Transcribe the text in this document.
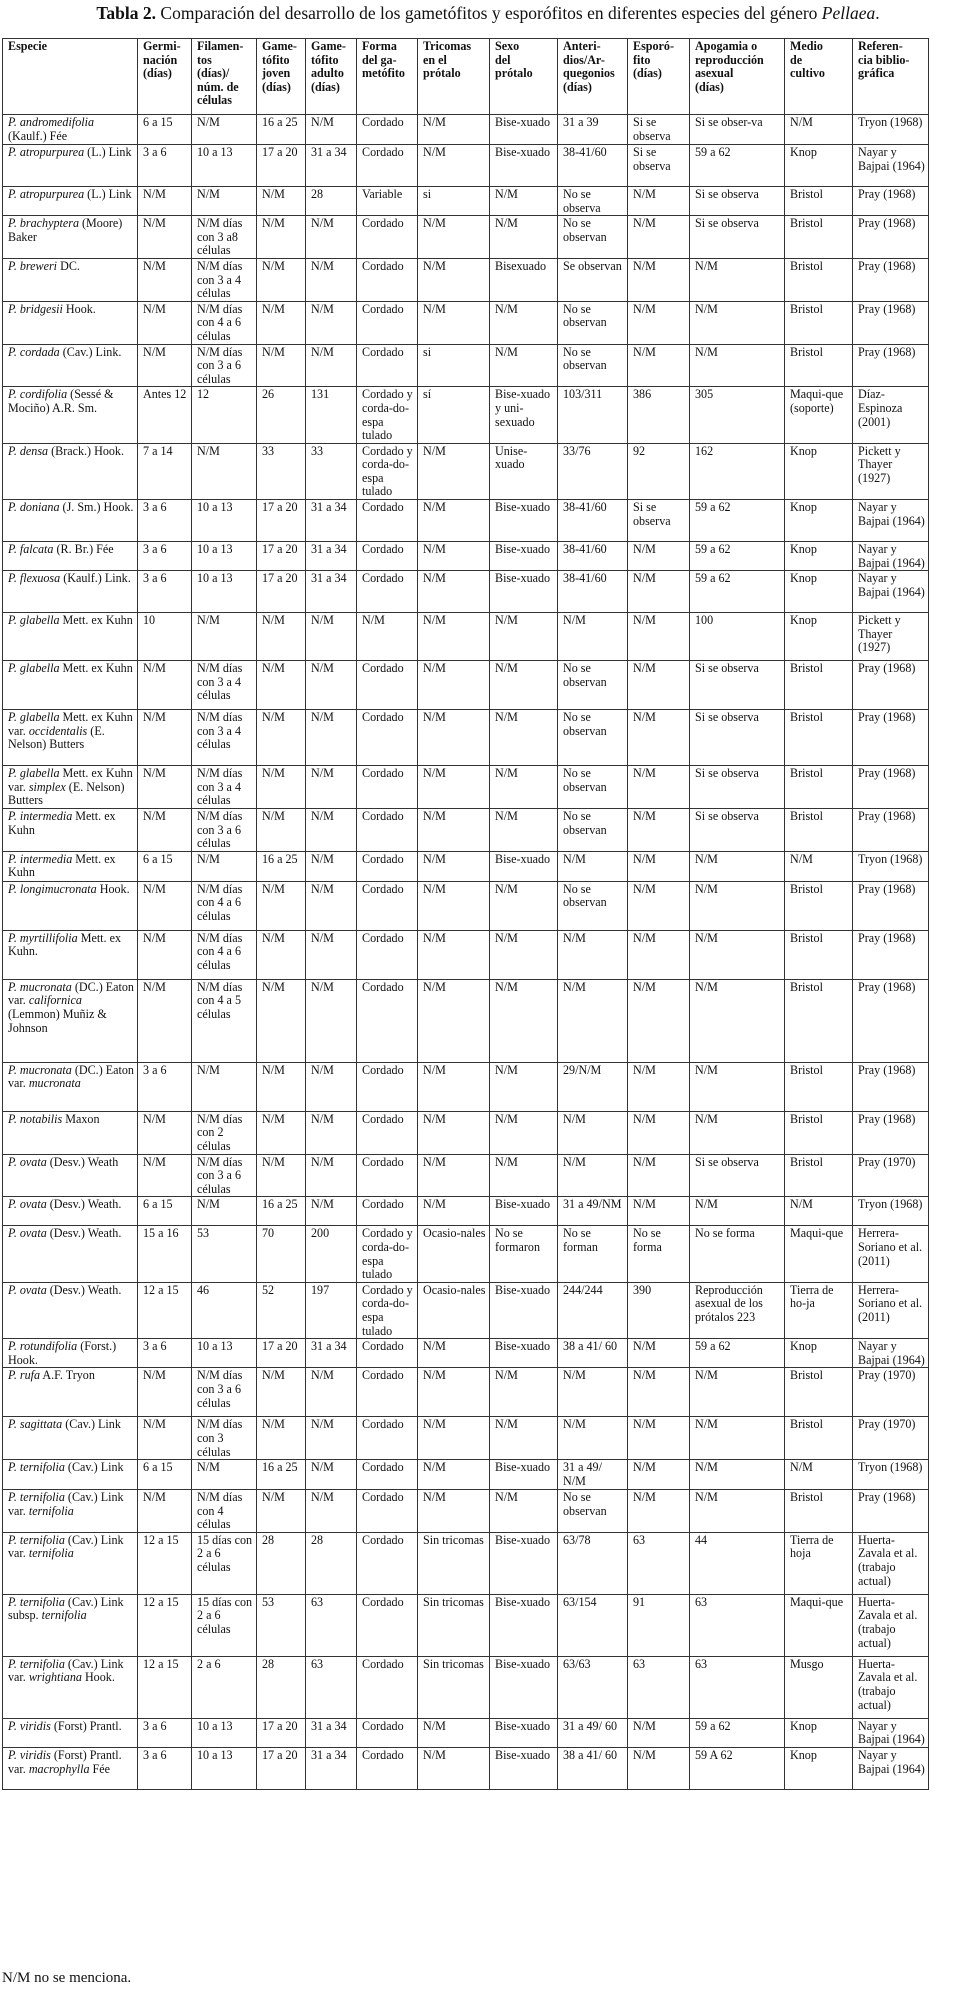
Tabla 2. Comparación del desarrollo de los gametófitos y esporófitos en diferentes especies del género Pellaea.
Especie	Germi-
nación
(días)	Filamen-
tos
(días)/
núm. de
células	Game-
tófito
joven
(días)	Game-
tófito
adulto
(días)	Forma
del ga-
metófito	Tricomas
en el
prótalo	Sexo
del
prótalo	Anteri-
dios/Ar-
quegonios
(días)	Esporó-
fito
(días)	Apogamia o
reproducción
asexual
(días)	Medio
de
cultivo	Referen-
cia biblio-
gráfica
P. andromedifolia (Kaulf.) Fée	6 a 15	N/M	16 a 25	N/M	Cordado	N/M	Bise-xuado	31 a 39	Si se observa	Si se obser-va	N/M	Tryon (1968)
P. atropurpurea (L.) Link	3 a 6	10 a 13	17 a 20	31 a 34	Cordado	N/M	Bise-xuado	38-41/60	Si se observa	59 a 62	Knop	Nayar y Bajpai (1964)
P. atropurpurea (L.) Link	N/M	N/M	N/M	28	Variable	si	N/M	No se observa	N/M	Si se observa	Bristol	Pray (1968)
P. brachyptera (Moore) Baker	N/M	N/M días con 3 a8 células	N/M	N/M	Cordado	N/M	N/M	No se observan	N/M	Si se observa	Bristol	Pray (1968)
P. breweri DC.	N/M	N/M días con 3 a 4 células	N/M	N/M	Cordado	N/M	Bisexuado	Se observan	N/M	N/M	Bristol	Pray (1968)
P. bridgesii Hook.	N/M	N/M días con 4 a 6 células	N/M	N/M	Cordado	N/M	N/M	No se observan	N/M	N/M	Bristol	Pray (1968)
P. cordada (Cav.) Link.	N/M	N/M días con 3 a 6 células	N/M	N/M	Cordado	si	N/M	No se observan	N/M	N/M	Bristol	Pray (1968)
P. cordifolia (Sessé & Mociño) A.R. Sm.	Antes 12	12	26	131	Cordado y corda-do-espa tulado	sí	Bise-xuado y uni-sexuado	103/311	386	305	Maqui-que (soporte)	Díaz-Espinoza (2001)
P. densa (Brack.) Hook.	7 a 14	N/M	33	33	Cordado y corda-do-espa tulado	N/M	Unise-xuado	33/76	92	162	Knop	Pickett y Thayer (1927)
P. doniana (J. Sm.) Hook.	3 a 6	10 a 13	17 a 20	31 a 34	Cordado	N/M	Bise-xuado	38-41/60	Si se observa	59 a 62	Knop	Nayar y Bajpai (1964)
P. falcata (R. Br.) Fée	3 a 6	10 a 13	17 a 20	31 a 34	Cordado	N/M	Bise-xuado	38-41/60	N/M	59 a 62	Knop	Nayar y Bajpai (1964)
P. flexuosa (Kaulf.) Link.	3 a 6	10 a 13	17 a 20	31 a 34	Cordado	N/M	Bise-xuado	38-41/60	N/M	59 a 62	Knop	Nayar y Bajpai (1964)
P. glabella Mett. ex Kuhn	10	N/M	N/M	N/M	N/M	N/M	N/M	N/M	N/M	100	Knop	Pickett y Thayer (1927)
P. glabella Mett. ex Kuhn	N/M	N/M días con 3 a 4 células	N/M	N/M	Cordado	N/M	N/M	No se observan	N/M	Si se observa	Bristol	Pray (1968)
P. glabella Mett. ex Kuhn var. occidentalis (E. Nelson) Butters	N/M	N/M días con 3 a 4 células	N/M	N/M	Cordado	N/M	N/M	No se observan	N/M	Si se observa	Bristol	Pray (1968)
P. glabella Mett. ex Kuhn var. simplex (E. Nelson) Butters	N/M	N/M días con 3 a 4 células	N/M	N/M	Cordado	N/M	N/M	No se observan	N/M	Si se observa	Bristol	Pray (1968)
P. intermedia Mett. ex Kuhn	N/M	N/M días con 3 a 6 células	N/M	N/M	Cordado	N/M	N/M	No se observan	N/M	Si se observa	Bristol	Pray (1968)
P. intermedia Mett. ex Kuhn	6 a 15	N/M	16 a 25	N/M	Cordado	N/M	Bise-xuado	N/M	N/M	N/M	N/M	Tryon (1968)
P. longimucronata Hook.	N/M	N/M días con 4 a 6 células	N/M	N/M	Cordado	N/M	N/M	No se observan	N/M	N/M	Bristol	Pray (1968)
P. myrtillifolia Mett. ex Kuhn.	N/M	N/M días con 4 a 6 células	N/M	N/M	Cordado	N/M	N/M	N/M	N/M	N/M	Bristol	Pray (1968)
P. mucronata (DC.) Eaton var. californica (Lemmon) Muñiz & Johnson	N/M	N/M días con 4 a 5 células	N/M	N/M	Cordado	N/M	N/M	N/M	N/M	N/M	Bristol	Pray (1968)
P. mucronata (DC.) Eaton var. mucronata	3 a 6	N/M	N/M	N/M	Cordado	N/M	N/M	29/N/M	N/M	N/M	Bristol	Pray (1968)
P. notabilis Maxon	N/M	N/M días con 2 células	N/M	N/M	Cordado	N/M	N/M	N/M	N/M	N/M	Bristol	Pray (1968)
P. ovata (Desv.) Weath	N/M	N/M días con 3 a 6 células	N/M	N/M	Cordado	N/M	N/M	N/M	N/M	Si se observa	Bristol	Pray (1970)
P. ovata (Desv.) Weath.	6 a 15	N/M	16 a 25	N/M	Cordado	N/M	Bise-xuado	31 a 49/NM	N/M	N/M	N/M	Tryon (1968)
P. ovata (Desv.) Weath.	15 a 16	53	70	200	Cordado y corda-do-espa tulado	Ocasio-nales	No se formaron	No se forman	No se forma	No se forma	Maqui-que	Herrera-Soriano et al. (2011)
P. ovata (Desv.) Weath.	12 a 15	46	52	197	Cordado y corda-do-espa tulado	Ocasio-nales	Bise-xuado	244/244	390	Reproducción asexual de los prótalos 223	Tierra de ho-ja	Herrera-Soriano et al. (2011)
P. rotundifolia (Forst.) Hook.	3 a 6	10 a 13	17 a 20	31 a 34	Cordado	N/M	Bise-xuado	38 a 41/ 60	N/M	59 a 62	Knop	Nayar y Bajpai (1964)
P. rufa A.F. Tryon	N/M	N/M días con 3 a 6 células	N/M	N/M	Cordado	N/M	N/M	N/M	N/M	N/M	Bristol	Pray (1970)
P. sagittata (Cav.) Link	N/M	N/M días con 3 células	N/M	N/M	Cordado	N/M	N/M	N/M	N/M	N/M	Bristol	Pray (1970)
P. ternifolia (Cav.) Link	6 a 15	N/M	16 a 25	N/M	Cordado	N/M	Bise-xuado	31 a 49/ N/M	N/M	N/M	N/M	Tryon (1968)
P. ternifolia (Cav.) Link var. ternifolia	N/M	N/M días con 4 células	N/M	N/M	Cordado	N/M	N/M	No se observan	N/M	N/M	Bristol	Pray (1968)
P. ternifolia (Cav.) Link var. ternifolia	12 a 15	15 días con 2 a 6 células	28	28	Cordado	Sin tricomas	Bise-xuado	63/78	63	44	Tierra de hoja	Huerta-Zavala et al. (trabajo actual)
P. ternifolia (Cav.) Link subsp. ternifolia	12 a 15	15 días con 2 a 6 células	53	63	Cordado	Sin tricomas	Bise-xuado	63/154	91	63	Maqui-que	Huerta-Zavala et al. (trabajo actual)
P. ternifolia (Cav.) Link var. wrightiana Hook.	12 a 15	2 a 6	28	63	Cordado	Sin tricomas	Bise-xuado	63/63	63	63	Musgo	Huerta-Zavala et al. (trabajo actual)
P. viridis (Forst) Prantl.	3 a 6	10 a 13	17 a 20	31 a 34	Cordado	N/M	Bise-xuado	31 a 49/ 60	N/M	59 a 62	Knop	Nayar y Bajpai (1964)
P. viridis (Forst) Prantl. var. macrophylla Fée	3 a 6	10 a 13	17 a 20	31 a 34	Cordado	N/M	Bise-xuado	38 a 41/ 60	N/M	59 A 62	Knop	Nayar y Bajpai (1964)
N/M no se menciona.
